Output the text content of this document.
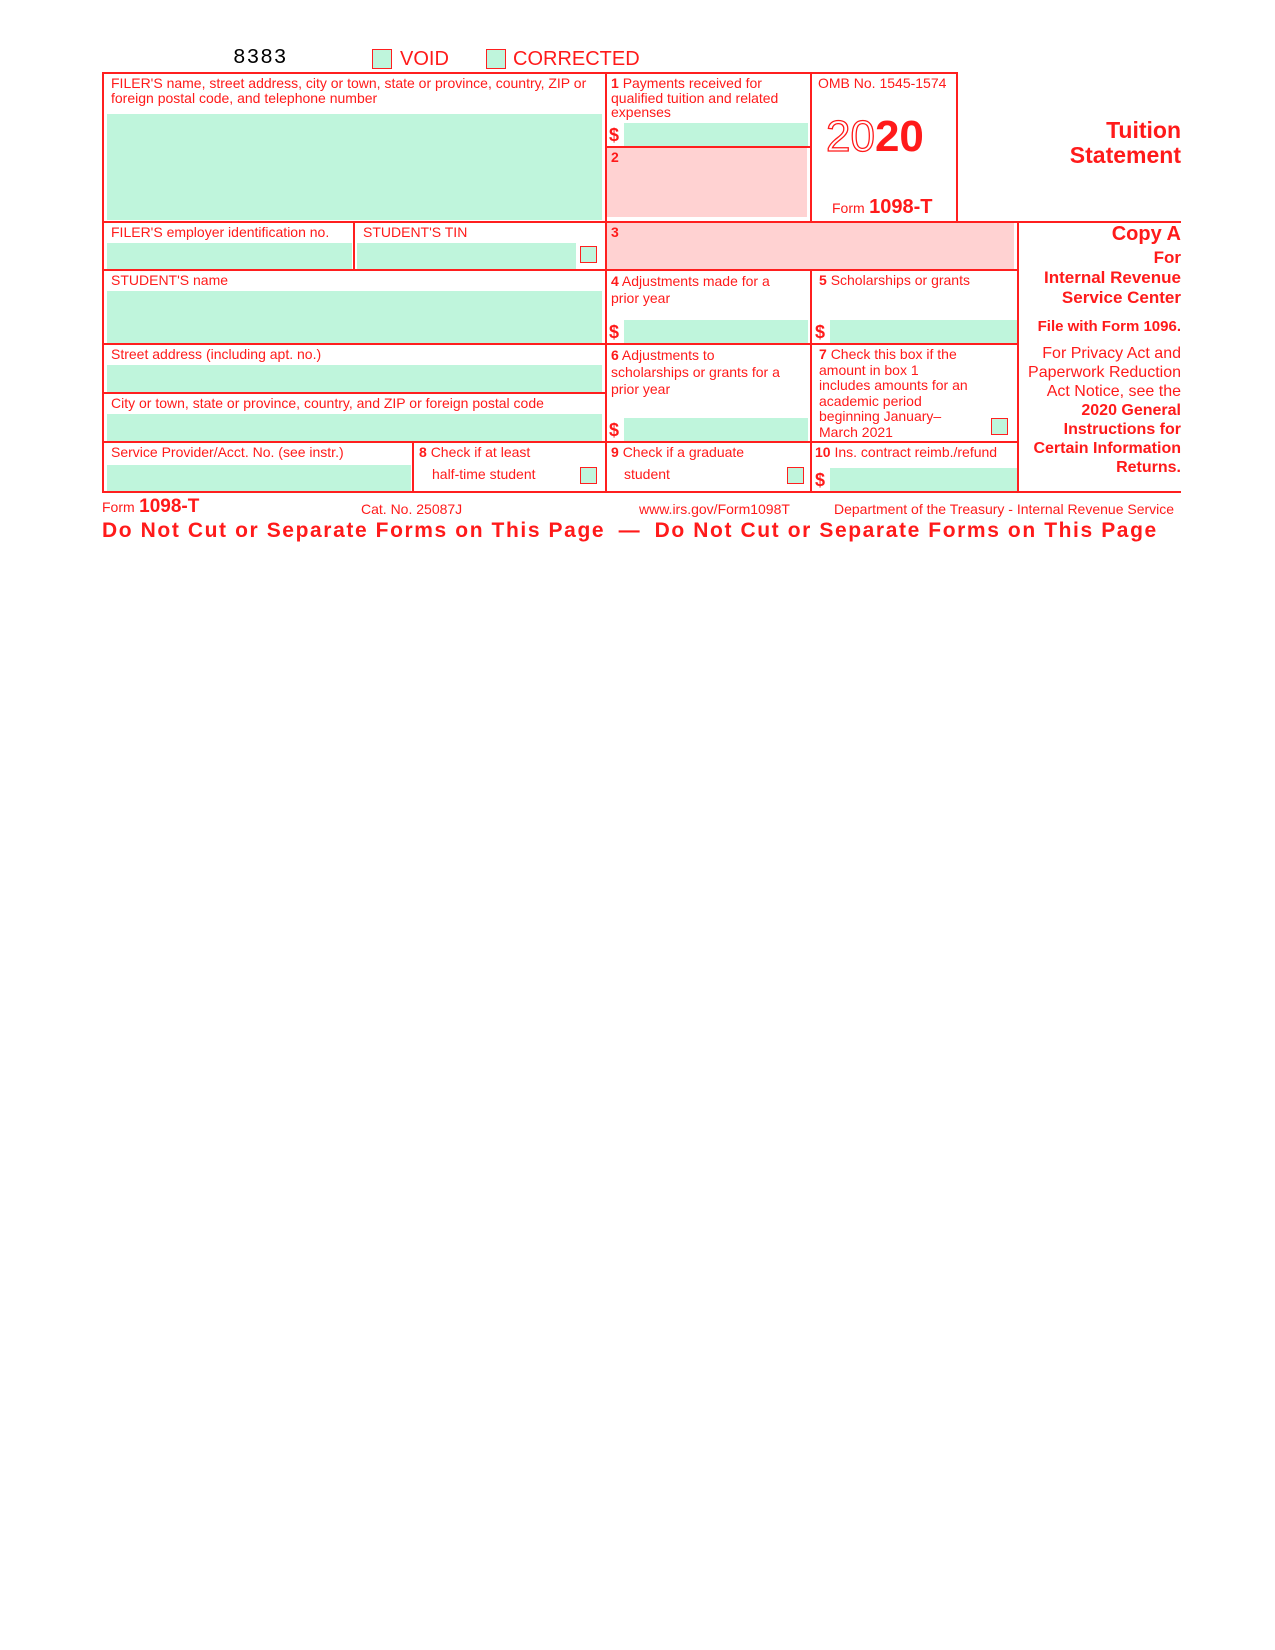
8383	VOID	CORRECTED
FILER'S name, street address, city or town, state or province, country, ZIP or foreign postal code, and telephone number
1 Payments received for qualified tuition and related expenses
$
2
OMB No. 1545-1574
2020
Form 1098-T
Tuition
Statement
FILER'S employer identification no. STUDENT'S TIN	3
STUDENT'S name	4 Adjustments made for a prior year
$
5 Scholarships or grants
$
Copy A
For
Internal Revenue
Service Center
File with Form 1096.
For Privacy Act and
Paperwork Reduction
Act Notice, see the
2020 General
Instructions for
Certain Information
Returns.
Street address (including apt. no.)
City or town, state or province, country, and ZIP or foreign postal code
6 Adjustments to scholarships or grants for a prior year
$
7 Check this box if the amount in box 1 includes amounts for an academic period beginning January– March 2021
Service Provider/Acct. No. (see instr.)	8 Check if at least
half-time student
9 Check if a graduate
student
10 Ins. contract reimb./refund
$
Form 1098-T	Cat. No. 25087J	www.irs.gov/Form1098T	Department of the Treasury - Internal Revenue Service
Do Not Cut or Separate Forms on This Page — Do Not Cut or Separate Forms on This Page
